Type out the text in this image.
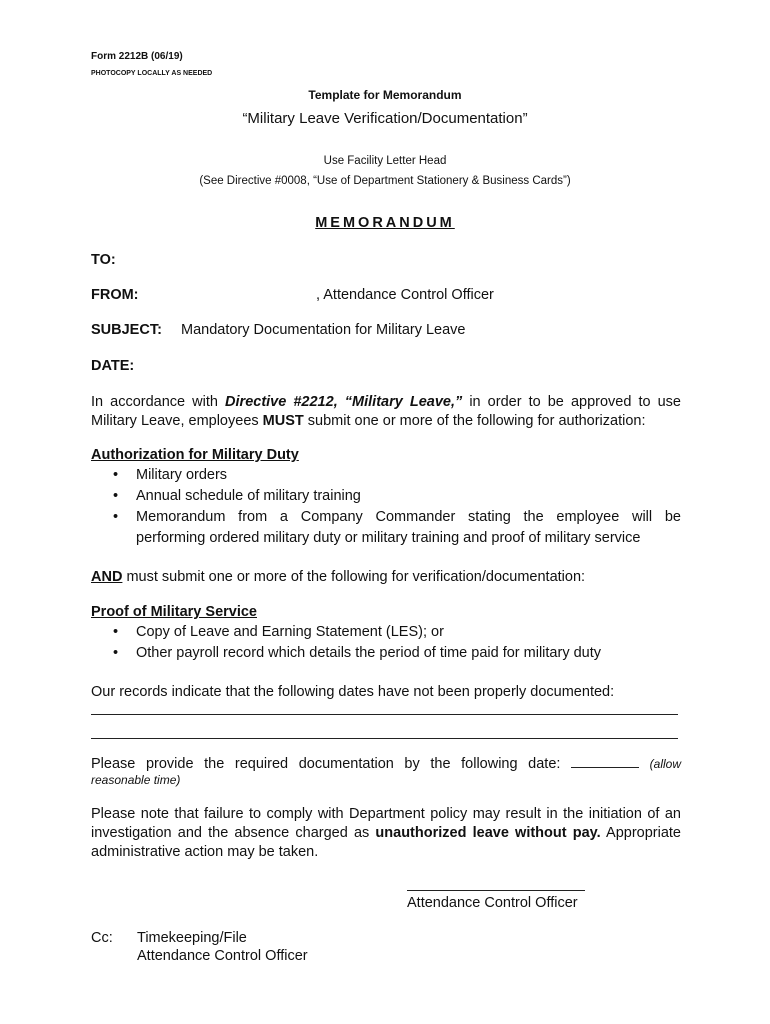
Form 2212B (06/19)
PHOTOCOPY LOCALLY AS NEEDED
Template for Memorandum
“Military Leave Verification/Documentation”
Use Facility Letter Head
(See Directive #0008, “Use of Department Stationery & Business Cards”)
MEMORANDUM
TO:
FROM:	, Attendance Control Officer
SUBJECT: Mandatory Documentation for Military Leave
DATE:
In accordance with Directive #2212, “Military Leave,” in order to be approved to use
Military Leave, employees MUST submit one or more of the following for authorization:
Authorization for Military Duty
• Military orders
• Annual schedule of military training
• Memorandum from a Company Commander stating the employee will be
performing ordered military duty or military training and proof of military service
AND must submit one or more of the following for verification/documentation:
Proof of Military Service
• Copy of Leave and Earning Statement (LES); or
• Other payroll record which details the period of time paid for military duty
Our records indicate that the following dates have not been properly documented:
Please provide the required documentation by the following date:	(allow
reasonable time)
Please note that failure to comply with Department policy may result in the initiation of an
investigation and the absence charged as unauthorized leave without pay. Appropriate
administrative action may be taken.
Attendance Control Officer
Cc: Timekeeping/File
Attendance Control Officer
